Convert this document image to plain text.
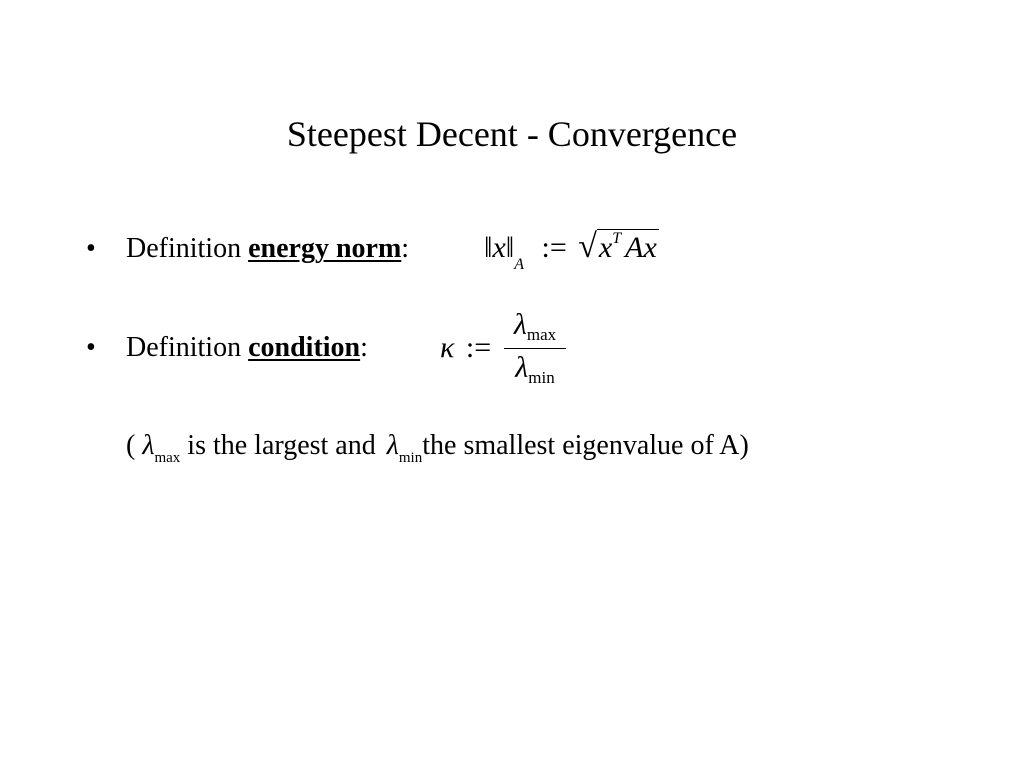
Steepest Decent - Convergence
• Definition energy norm: $‖x‖_A$ := $√x^T$ Ax
• Definition condition: κ :=
$\lambda_{max}$
$\lambda_{min}$
( $\lambda_{max}$ is the largest and $\lambda_{min}the$ smallest eigenvalue of A)
